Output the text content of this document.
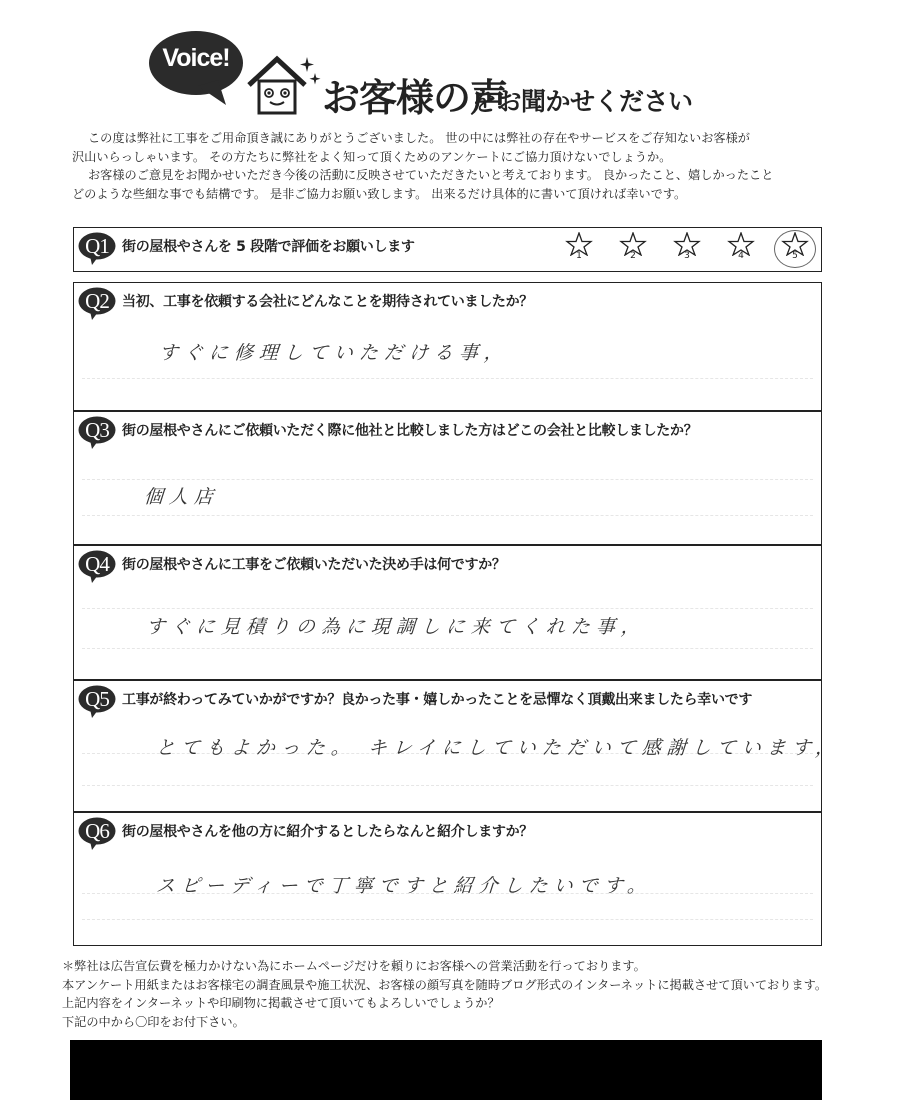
Voice!
お客様の声
をお聞かせください
この度は弊社に工事をご用命頂き誠にありがとうございました。 世の中には弊社の存在やサービスをご存知ないお客様が
沢山いらっしゃいます。 その方たちに弊社をよく知って頂くためのアンケートにご協力頂けないでしょうか。
お客様のご意見をお聞かせいただき今後の活動に反映させていただきたいと考えております。 良かったこと、嬉しかったこと
どのような些細な事でも結構です。 是非ご協力お願い致します。 出来るだけ具体的に書いて頂ければ幸いです。
Q1 街の屋根やさんを 5 段階で評価をお願いします
1	2	3	4	5
Q2 当初、工事を依頼する会社にどんなことを期待されていましたか？
すぐに修理していただける事，
Q3 街の屋根やさんにご依頼いただく際に他社と比較しました方はどこの会社と比較しましたか？
個人店
Q4 街の屋根やさんに工事をご依頼いただいた決め手は何ですか？
すぐに見積りの為に現調しに来てくれた事，
Q5 工事が終わってみていかがですか？良かった事・嬉しかったことを忌憚なく頂戴出来ましたら幸いです
とてもよかった。 キレイにしていただいて感謝しています，
Q6 街の屋根やさんを他の方に紹介するとしたらなんと紹介しますか？
スピーディーで丁寧ですと紹介したいです。
＊弊社は広告宣伝費を極力かけない為にホームページだけを頼りにお客様への営業活動を行っております。
本アンケート用紙またはお客様宅の調査風景や施工状況、お客様の顔写真を随時ブログ形式のインターネットに掲載させて頂いております。
上記内容をインターネットや印刷物に掲載させて頂いてもよろしいでしょうか？
下記の中から〇印をお付下さい。
